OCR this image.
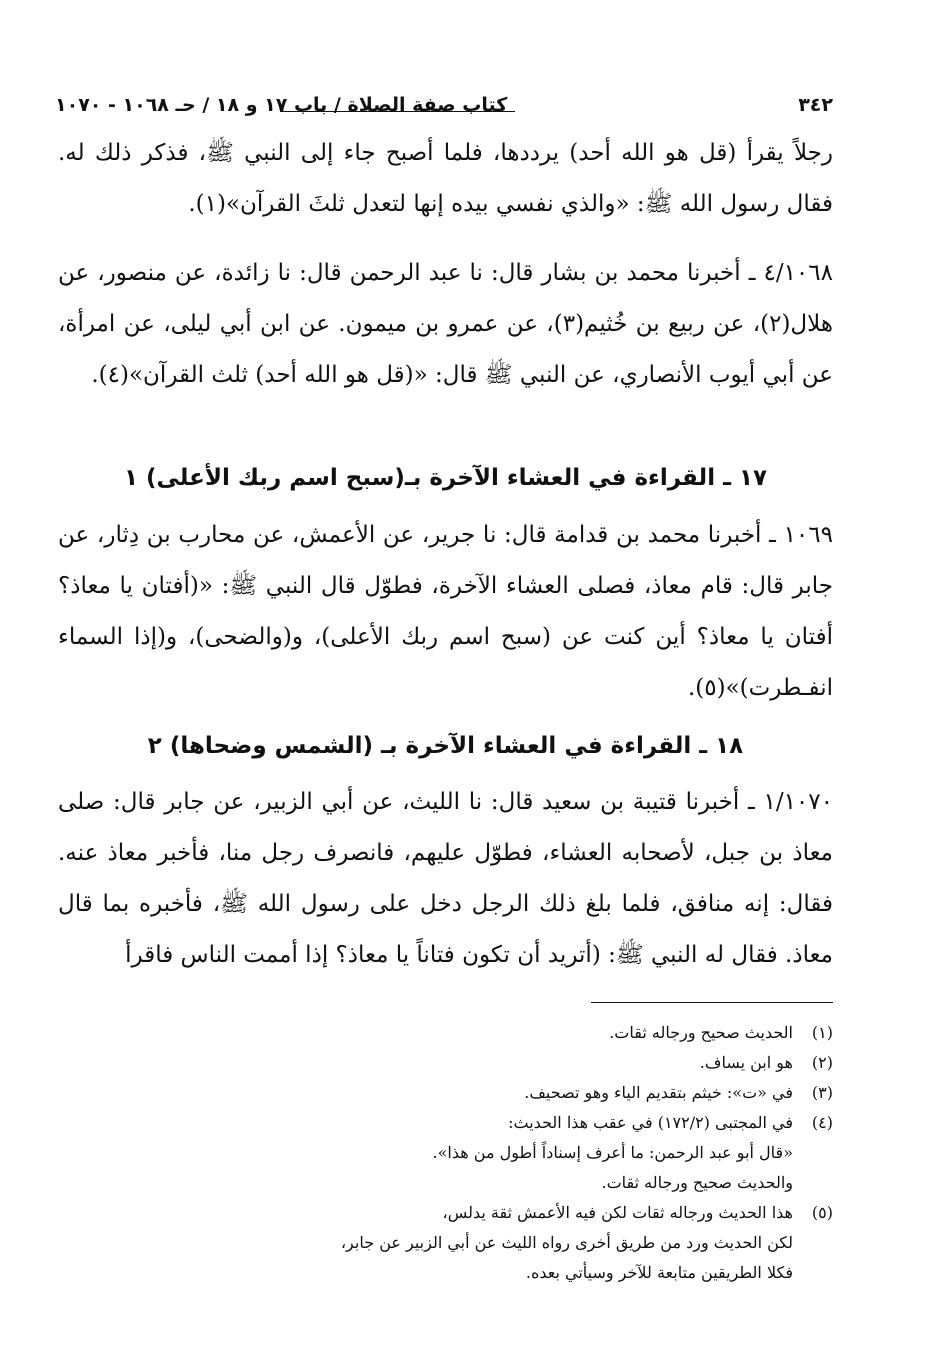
٣٤٢
كتاب صفة الصلاة / باب ١٧ و ١٨ / حـ ١٠٦٨ - ١٠٧٠
رجلاً يقرأ (قل هو الله أحد) يرددها، فلما أصبح جاء إلى النبي ﷺ، فذكر ذلك له. فقال رسول الله ﷺ: «والذي نفسي بيده إنها لتعدل ثلثَ القرآن»(١).
٤/١٠٦٨ ـ أخبرنا محمد بن بشار قال: نا عبد الرحمن قال: نا زائدة، عن منصور، عن هلال(٢)، عن ربيع بن خُثيم(٣)، عن عمرو بن ميمون. عن ابن أبي ليلى، عن امرأة، عن أبي أيوب الأنصاري، عن النبي ﷺ قال: «(قل هو الله أحد) ثلث القرآن»(٤).
١٧ ـ القراءة في العشاء الآخرة بـ(سبح اسم ربك الأعلى) ١
١٠٦٩ ـ أخبرنا محمد بن قدامة قال: نا جرير، عن الأعمش، عن محارب بن دِثار، عن جابر قال: قام معاذ، فصلى العشاء الآخرة، فطوّل قال النبي ﷺ: «(أفتان يا معاذ؟ أفتان يا معاذ؟ أين كنت عن (سبح اسم ربك الأعلى)، و(والضحى)، و(إذا السماء انفـطرت)»(٥).
١٨ ـ القراءة في العشاء الآخرة بـ (الشمس وضحاها) ٢
١/١٠٧٠ ـ أخبرنا قتيبة بن سعيد قال: نا الليث، عن أبي الزبير، عن جابر قال: صلى معاذ بن جبل، لأصحابه العشاء، فطوّل عليهم، فانصرف رجل منا، فأخبر معاذ عنه. فقال: إنه منافق، فلما بلغ ذلك الرجل دخل على رسول الله ﷺ، فأخبره بما قال معاذ. فقال له النبي ﷺ: (أتريد أن تكون فتاناً يا معاذ؟ إذا أممت الناس فاقرأ
(١)
الحديث صحيح ورجاله ثقات.
(٢)
هو ابن يساف.
(٣)
في «ت»: خيثم بتقديم الياء وهو تصحيف.
(٤)
في المجتبى (١٧٢/٢) في عقب هذا الحديث:
«قال أبو عبد الرحمن: ما أعرف إسناداً أطول من هذا».
والحديث صحيح ورجاله ثقات.
(٥)
هذا الحديث ورجاله ثقات لكن فيه الأعمش ثقة يدلس،
لكن الحديث ورد من طريق أخرى رواه الليث عن أبي الزبير عن جابر،
فكلا الطريقين متابعة للآخر وسيأتي بعده.
